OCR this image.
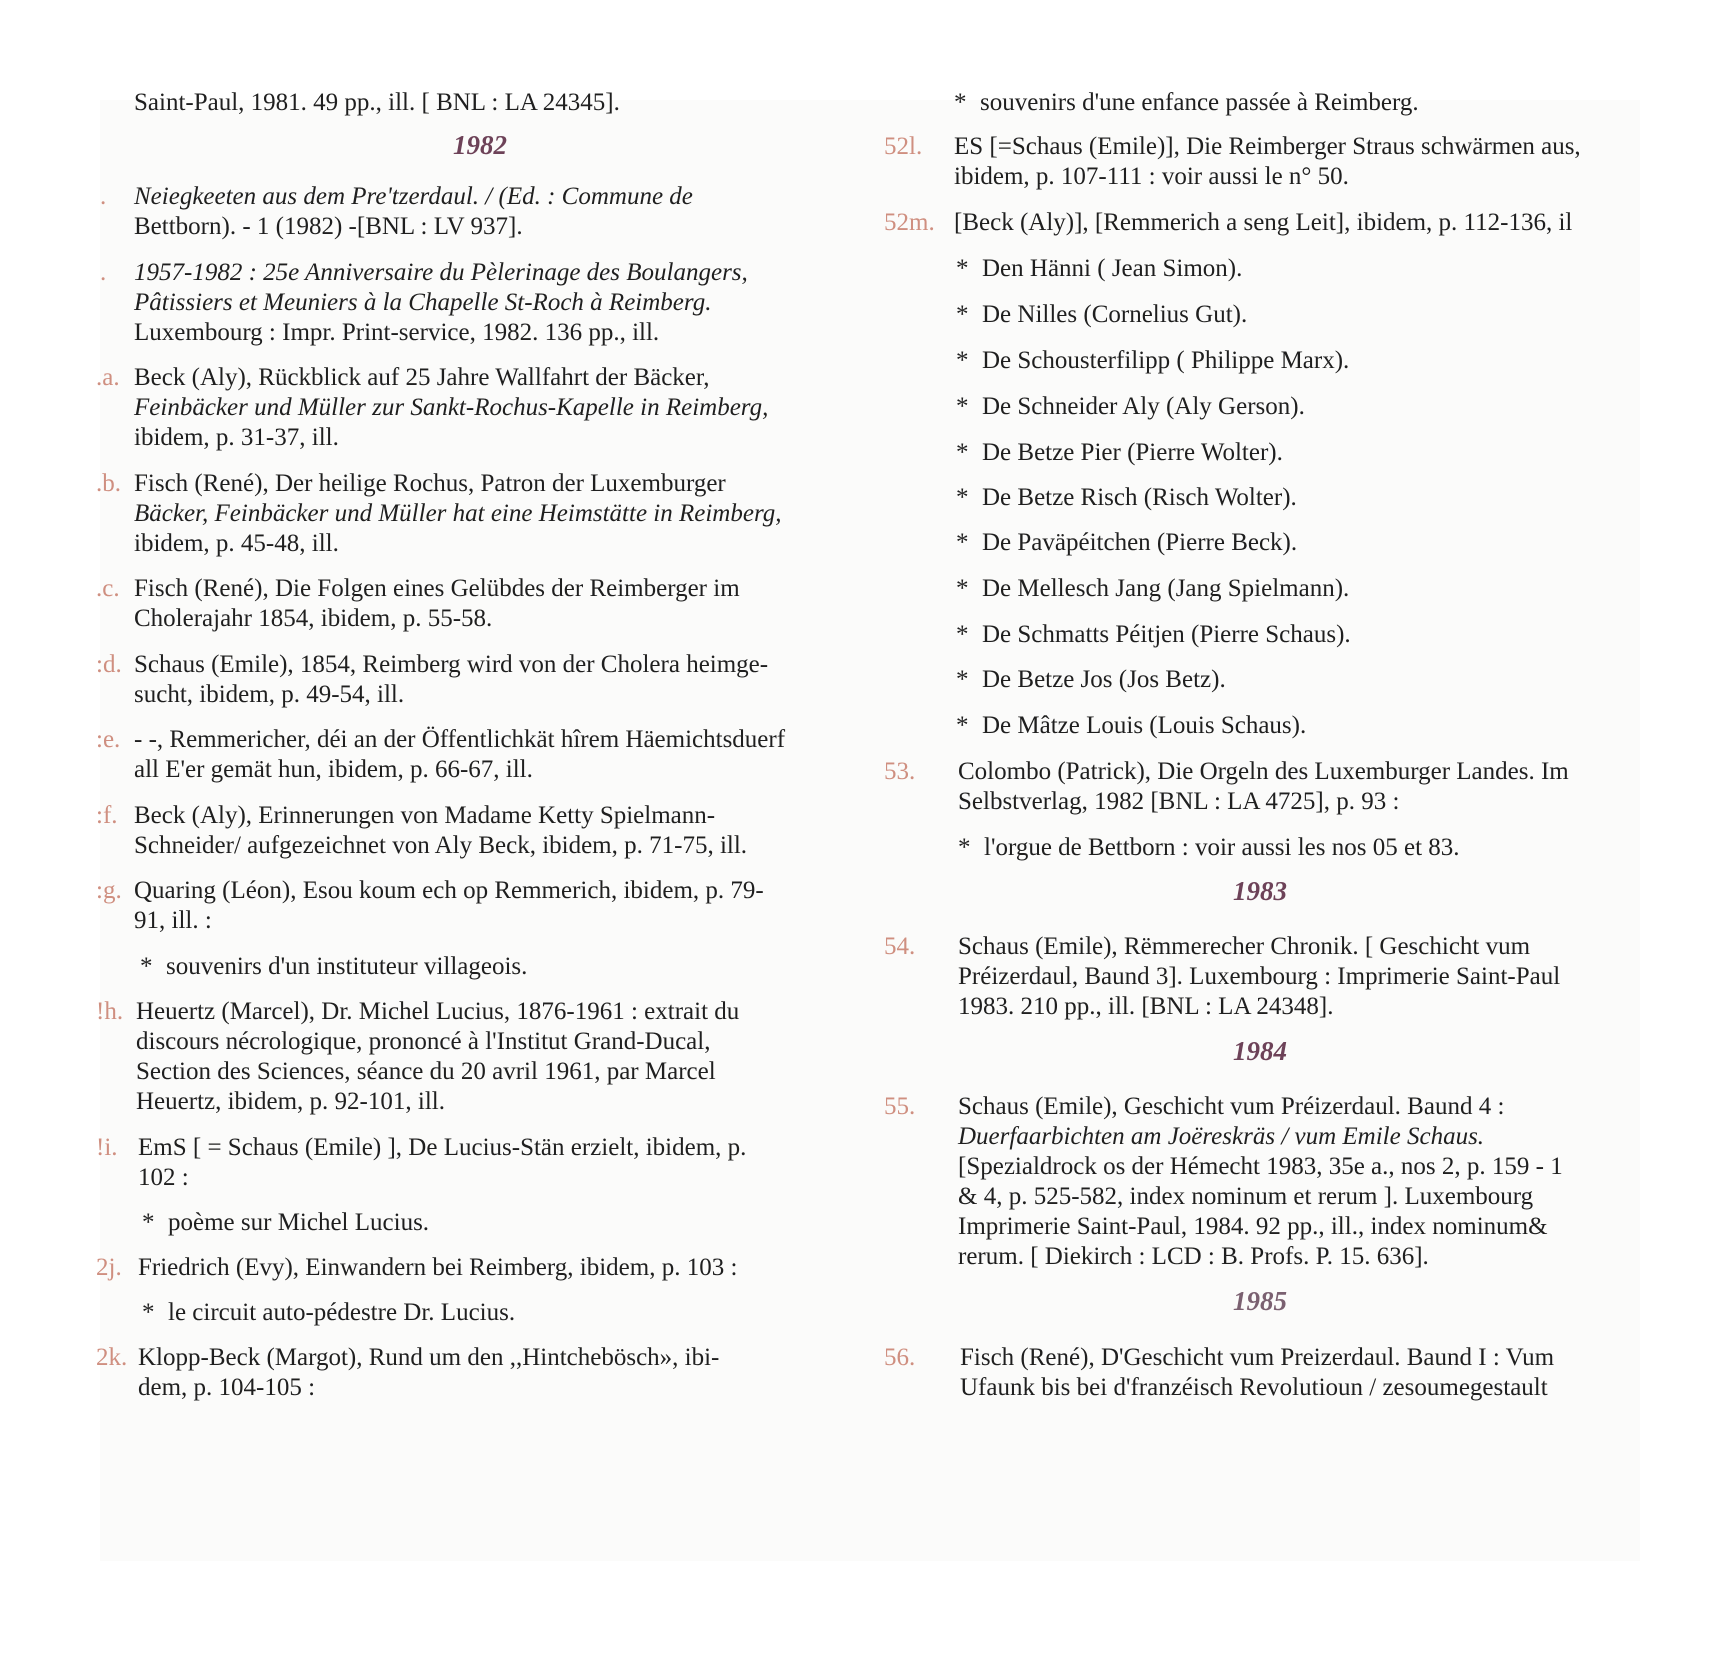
Saint-Paul, 1981. 49 pp., ill. [ BNL : LA 24345].
1982
. Neiegkeeten aus dem Pre'tzerdaul. / (Ed. : Commune de
Bettborn). - 1 (1982) -[BNL : LV 937].
. 1957-1982 : 25e Anniversaire du Pèlerinage des Boulangers,
Pâtissiers et Meuniers à la Chapelle St-Roch à Reimberg.
Luxembourg : Impr. Print-service, 1982. 136 pp., ill.
.a. Beck (Aly), Rückblick auf 25 Jahre Wallfahrt der Bäcker,
Feinbäcker und Müller zur Sankt-Rochus-Kapelle in Reimberg,
ibidem, p. 31-37, ill.
.b. Fisch (René), Der heilige Rochus, Patron der Luxemburger
Bäcker, Feinbäcker und Müller hat eine Heimstätte in Reimberg,
ibidem, p. 45-48, ill.
.c. Fisch (René), Die Folgen eines Gelübdes der Reimberger im
Cholerajahr 1854, ibidem, p. 55-58.
:d. Schaus (Emile), 1854, Reimberg wird von der Cholera heimge-
sucht, ibidem, p. 49-54, ill.
:e. - -, Remmericher, déi an der Öffentlichkät hîrem Häemichtsduerf
all E'er gemät hun, ibidem, p. 66-67, ill.
:f. Beck (Aly), Erinnerungen von Madame Ketty Spielmann-
Schneider/ aufgezeichnet von Aly Beck, ibidem, p. 71-75, ill.
:g. Quaring (Léon), Esou koum ech op Remmerich, ibidem, p. 79-
91, ill. :
* souvenirs d'un instituteur villageois.
!h. Heuertz (Marcel), Dr. Michel Lucius, 1876-1961 : extrait du
discours nécrologique, prononcé à l'Institut Grand-Ducal,
Section des Sciences, séance du 20 avril 1961, par Marcel
Heuertz, ibidem, p. 92-101, ill.
!i. EmS [ = Schaus (Emile) ], De Lucius-Stän erzielt, ibidem, p.
102 :
* poème sur Michel Lucius.
2j. Friedrich (Evy), Einwandern bei Reimberg, ibidem, p. 103 :
* le circuit auto-pédestre Dr. Lucius.
2k. Klopp-Beck (Margot), Rund um den ,,Hintchebösch», ibi-
dem, p. 104-105 :
* souvenirs d'une enfance passée à Reimberg.
52l. ES [=Schaus (Emile)], Die Reimberger Straus schwärmen aus,
ibidem, p. 107-111 : voir aussi le n° 50.
52m. [Beck (Aly)], [Remmerich a seng Leit], ibidem, p. 112-136, il
* Den Hänni ( Jean Simon).
* De Nilles (Cornelius Gut).
* De Schousterfilipp ( Philippe Marx).
* De Schneider Aly (Aly Gerson).
* De Betze Pier (Pierre Wolter).
* De Betze Risch (Risch Wolter).
* De Paväpéitchen (Pierre Beck).
* De Mellesch Jang (Jang Spielmann).
* De Schmatts Péitjen (Pierre Schaus).
* De Betze Jos (Jos Betz).
* De Mâtze Louis (Louis Schaus).
53. Colombo (Patrick), Die Orgeln des Luxemburger Landes. Im
Selbstverlag, 1982 [BNL : LA 4725], p. 93 :
* l'orgue de Bettborn : voir aussi les nos 05 et 83.
1983
54. Schaus (Emile), Rëmmerecher Chronik. [ Geschicht vum
Préizerdaul, Baund 3]. Luxembourg : Imprimerie Saint-Paul
1983. 210 pp., ill. [BNL : LA 24348].
1984
55. Schaus (Emile), Geschicht vum Préizerdaul. Baund 4 :
Duerfaarbichten am Joëreskräs / vum Emile Schaus.
[Spezialdrock os der Hémecht 1983, 35e a., nos 2, p. 159 - 1
& 4, p. 525-582, index nominum et rerum ]. Luxembourg
Imprimerie Saint-Paul, 1984. 92 pp., ill., index nominum&
rerum. [ Diekirch : LCD : B. Profs. P. 15. 636].
1985
56. Fisch (René), D'Geschicht vum Preizerdaul. Baund I : Vum
Ufaunk bis bei d'franzéisch Revolutioun / zesoumegestault
